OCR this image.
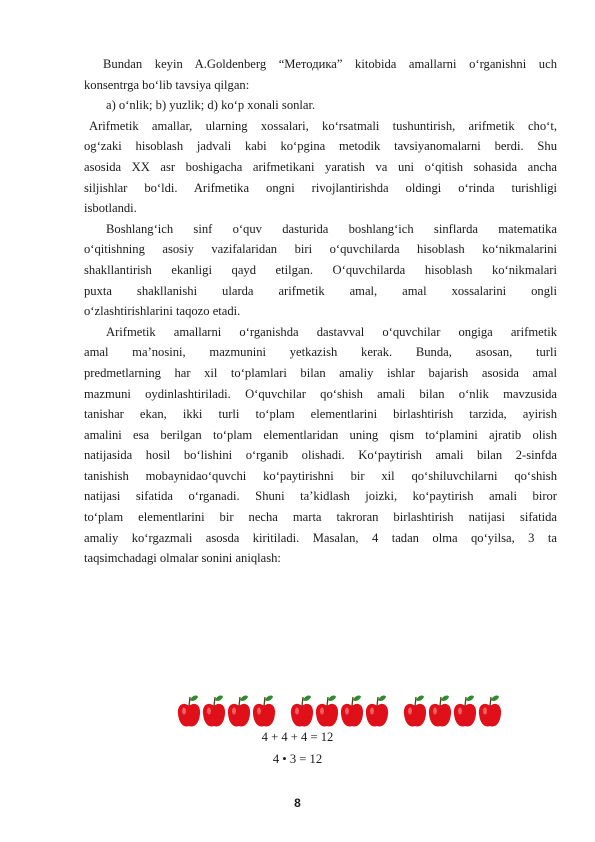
Bundan keyin A.Goldenberg “Методика” kitobida amallarni o‘rganishni uch

konsentrga bo‘lib tavsiya qilgan:

a) o‘nlik; b) yuzlik; d) ko‘p xonali sonlar.

Arifmetik amallar, ularning xossalari, ko‘rsatmali tushuntirish, arifmetik cho‘t,

og‘zaki hisoblash jadvali kabi ko‘pgina metodik tavsiyanomalarni berdi. Shu

asosida XX asr boshigacha arifmetikani yaratish va uni o‘qitish sohasida ancha

siljishlar bo‘ldi. Arifmetika ongni rivojlantirishda oldingi o‘rinda turishligi

isbotlandi.

Boshlang‘ich sinf o‘quv dasturida boshlang‘ich sinflarda matematika

o‘qitishning asosiy vazifalaridan biri o‘quvchilarda hisoblash ko‘nikmalarini

shakllantirish ekanligi qayd etilgan. O‘quvchilarda hisoblash ko‘nikmalari

puxta shakllanishi ularda arifmetik amal, amal xossalarini ongli

o‘zlashtirishlarini taqozo etadi.

Arifmetik amallarni o‘rganishda dastavval o‘quvchilar ongiga arifmetik

amal ma’nosini, mazmunini yetkazish kerak. Bunda, asosan, turli

predmetlarning har xil to‘plamlari bilan amaliy ishlar bajarish asosida amal

mazmuni oydinlashtiriladi. O‘quvchilar qo‘shish amali bilan o‘nlik mavzusida

tanishar ekan, ikki turli to‘plam elementlarini birlashtirish tarzida, ayirish

amalini esa berilgan to‘plam elementlaridan uning qism to‘plamini ajratib olish

natijasida hosil bo‘lishini o‘rganib olishadi. Ko‘paytirish amali bilan 2-sinfda

tanishish mobaynidao‘quvchi ko‘paytirishni bir xil qo‘shiluvchilarni qo‘shish

natijasi sifatida o‘rganadi. Shuni ta’kidlash joizki, ko‘paytirish amali biror

to‘plam elementlarini bir necha marta takroran birlashtirish natijasi sifatida

amaliy ko‘rgazmali asosda kiritiladi. Masalan, 4 tadan olma qo‘yilsa, 3 ta

taqsimchadagi olmalar sonini aniqlash:

4 + 4 + 4 = 12
4 • 3 = 12
8
